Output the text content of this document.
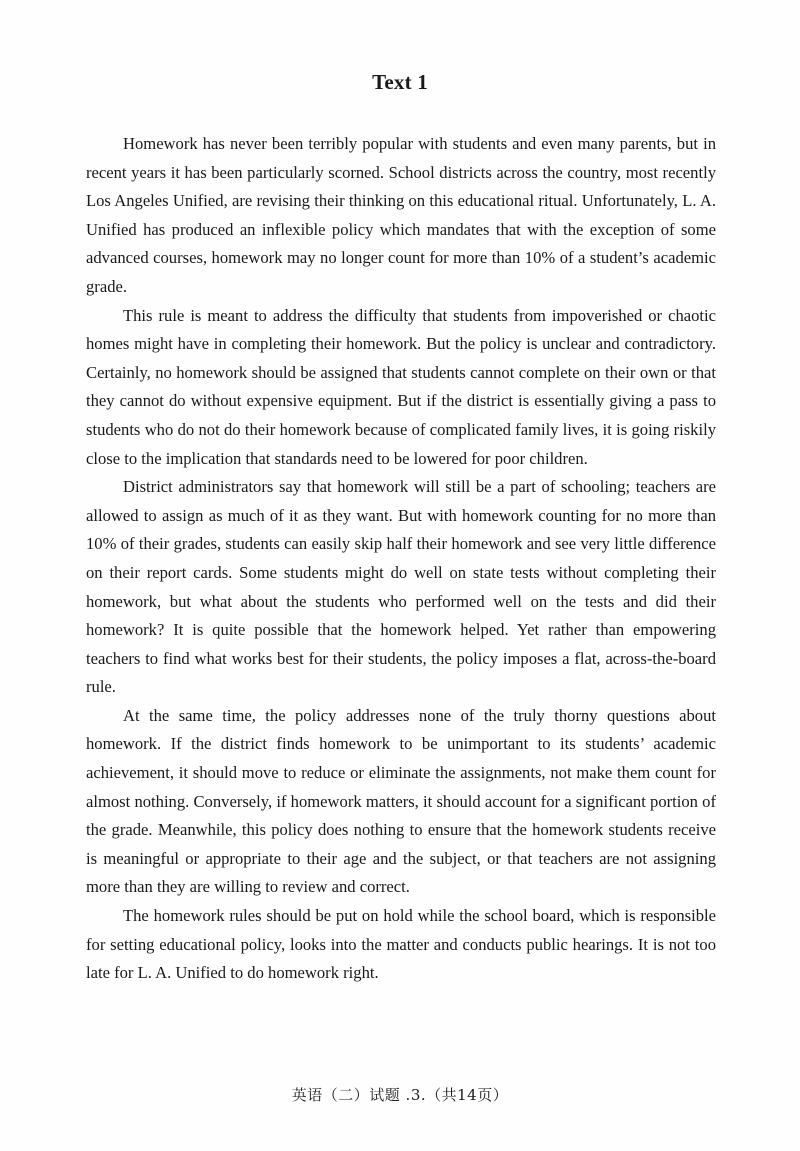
Text 1

Homework has never been terribly popular with students and even many parents, but in recent years it has been particularly scorned. School districts across the country, most recently Los Angeles Unified, are revising their thinking on this educational ritual. Unfortunately, L. A. Unified has produced an inflexible policy which mandates that with the exception of some advanced courses, homework may no longer count for more than 10% of a student’s academic grade.

This rule is meant to address the difficulty that students from impoverished or chaotic homes might have in completing their homework. But the policy is unclear and contradictory. Certainly, no homework should be assigned that students cannot complete on their own or that they cannot do without expensive equipment. But if the district is essentially giving a pass to students who do not do their homework because of complicated family lives, it is going riskily close to the implication that standards need to be lowered for poor children.

District administrators say that homework will still be a part of schooling; teachers are allowed to assign as much of it as they want. But with homework counting for no more than 10% of their grades, students can easily skip half their homework and see very little difference on their report cards. Some students might do well on state tests without completing their homework, but what about the students who performed well on the tests and did their homework? It is quite possible that the homework helped. Yet rather than empowering teachers to find what works best for their students, the policy imposes a flat, across-the-board rule.

At the same time, the policy addresses none of the truly thorny questions about homework. If the district finds homework to be unimportant to its students’ academic achievement, it should move to reduce or eliminate the assignments, not make them count for almost nothing. Conversely, if homework matters, it should account for a significant portion of the grade. Meanwhile, this policy does nothing to ensure that the homework students receive is meaningful or appropriate to their age and the subject, or that teachers are not assigning more than they are willing to review and correct.

The homework rules should be put on hold while the school board, which is responsible for setting educational policy, looks into the matter and conducts public hearings. It is not too late for L. A. Unified to do homework right.

英语（二）试题 .3.（共14页）
